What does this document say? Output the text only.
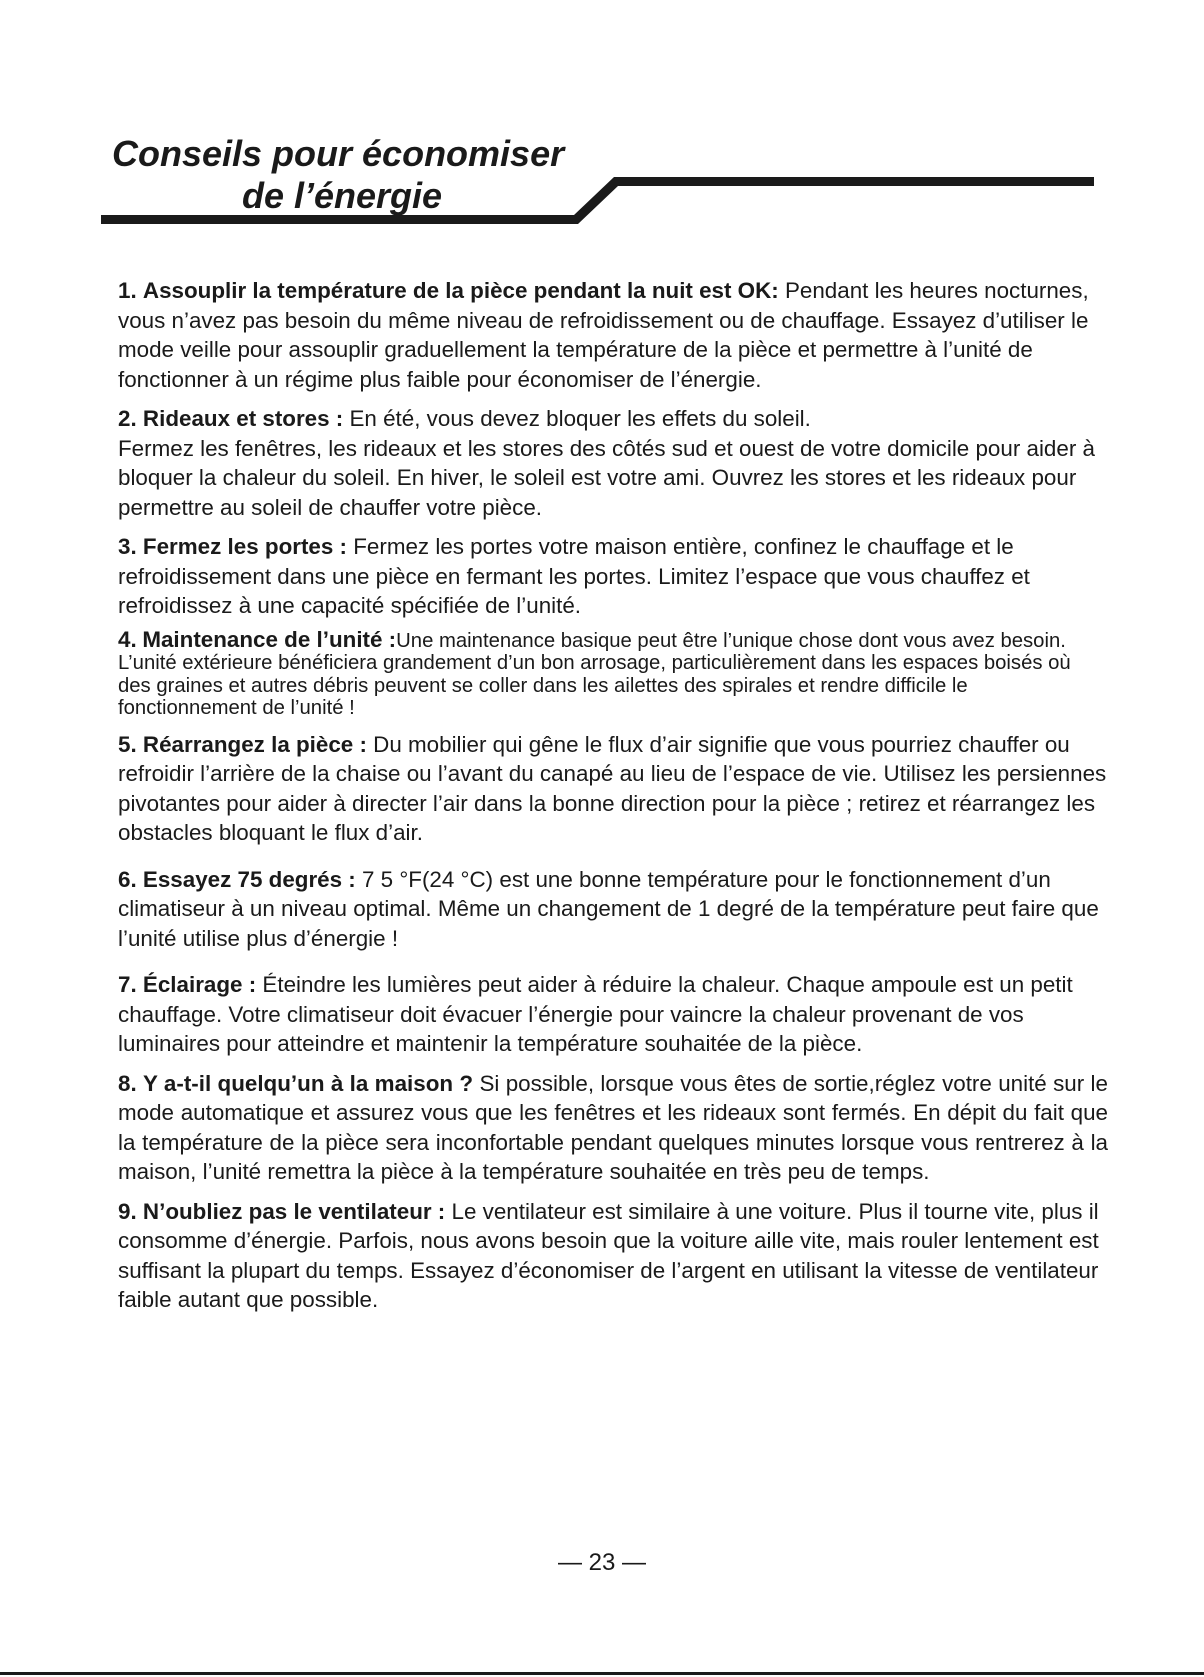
Conseils pour économiser
de l’énergie

1. Assouplir la température de la pièce pendant la nuit est OK: Pendant les heures nocturnes, vous n’avez pas besoin du même niveau de refroidissement ou de chauffage. Essayez d’utiliser le mode veille pour assouplir graduellement la température de la pièce et permettre à l’unité de fonctionner à un régime plus faible pour économiser de l’énergie.

2. Rideaux et stores : En été, vous devez bloquer les effets du soleil.
Fermez les fenêtres, les rideaux et les stores des côtés sud et ouest de votre domicile pour aider à bloquer la chaleur du soleil. En hiver, le soleil est votre ami. Ouvrez les stores et les rideaux pour permettre au soleil de chauffer votre pièce.

3. Fermez les portes : Fermez les portes votre maison entière, confinez le chauffage et le refroidissement dans une pièce en fermant les portes. Limitez l’espace que vous chauffez et refroidissez à une capacité spécifiée de l’unité.

4. Maintenance de l’unité :Une maintenance basique peut être l’unique chose dont vous avez besoin. L’unité extérieure bénéficiera grandement d’un bon arrosage, particulièrement dans les espaces boisés où des graines et autres débris peuvent se coller dans les ailettes des spirales et rendre difficile le fonctionnement de l’unité !

5. Réarrangez la pièce : Du mobilier qui gêne le flux d’air signifie que vous pourriez chauffer ou refroidir l’arrière de la chaise ou l’avant du canapé au lieu de l’espace de vie. Utilisez les persiennes pivotantes pour aider à directer l’air dans la bonne direction pour la pièce ; retirez et réarrangez les obstacles bloquant le flux d’air.

6. Essayez 75 degrés : 7 5 °F(24 °C) est une bonne température pour le fonctionnement d’un climatiseur à un niveau optimal. Même un changement de 1 degré de la température peut faire que l’unité utilise plus d’énergie !

7. Éclairage : Éteindre les lumières peut aider à réduire la chaleur. Chaque ampoule est un petit chauffage. Votre climatiseur doit évacuer l’énergie pour vaincre la chaleur provenant de vos luminaires pour atteindre et maintenir la température souhaitée de la pièce.

8. Y a-t-il quelqu’un à la maison ? Si possible, lorsque vous êtes de sortie,réglez votre unité sur le mode automatique et assurez vous que les fenêtres et les rideaux sont fermés. En dépit du fait que la température de la pièce sera inconfortable pendant quelques minutes lorsque vous rentrerez à la maison, l’unité remettra la pièce à la température souhaitée en très peu de temps.

9. N’oubliez pas le ventilateur : Le ventilateur est similaire à une voiture. Plus il tourne vite, plus il consomme d’énergie. Parfois, nous avons besoin que la voiture aille vite, mais rouler lentement est suffisant la plupart du temps. Essayez d’économiser de l’argent en utilisant la vitesse de ventilateur faible autant que possible.

— 23 —
